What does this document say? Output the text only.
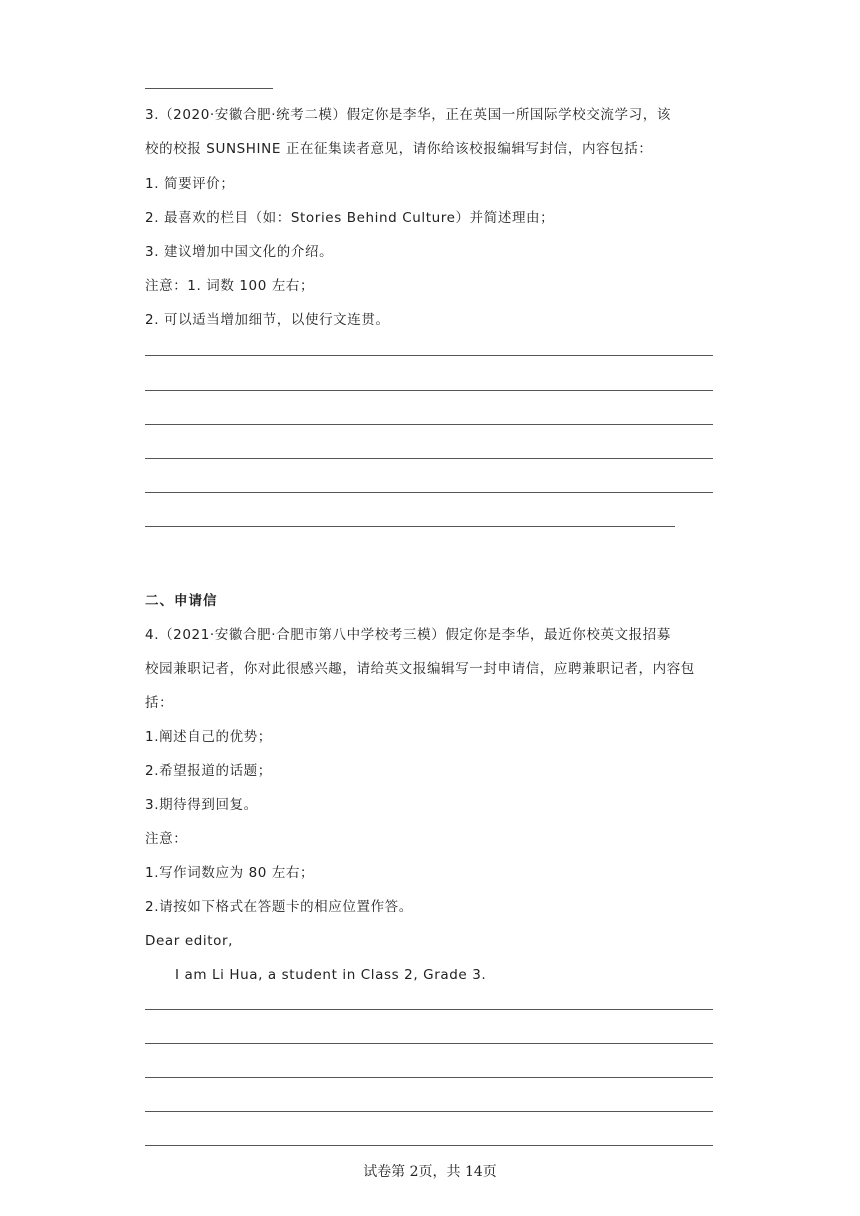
3.（2020·安徽合肥·统考二模）假定你是李华，正在英国一所国际学校交流学习，该
校的校报 SUNSHINE 正在征集读者意见，请你给该校报编辑写封信，内容包括：
1. 简要评价；
2. 最喜欢的栏目（如：Stories Behind Culture）并简述理由；
3. 建议增加中国文化的介绍。
注意：1. 词数 100 左右；
2. 可以适当增加细节，以使行文连贯。
二、申请信
4.（2021·安徽合肥·合肥市第八中学校考三模）假定你是李华，最近你校英文报招募
校园兼职记者，你对此很感兴趣，请给英文报编辑写一封申请信，应聘兼职记者，内容包
括：
1.阐述自己的优势；
2.希望报道的话题；
3.期待得到回复。
注意：
1.写作词数应为 80 左右；
2.请按如下格式在答题卡的相应位置作答。
Dear editor,
I am Li Hua, a student in Class 2, Grade 3.
试卷第 2页，共 14页
